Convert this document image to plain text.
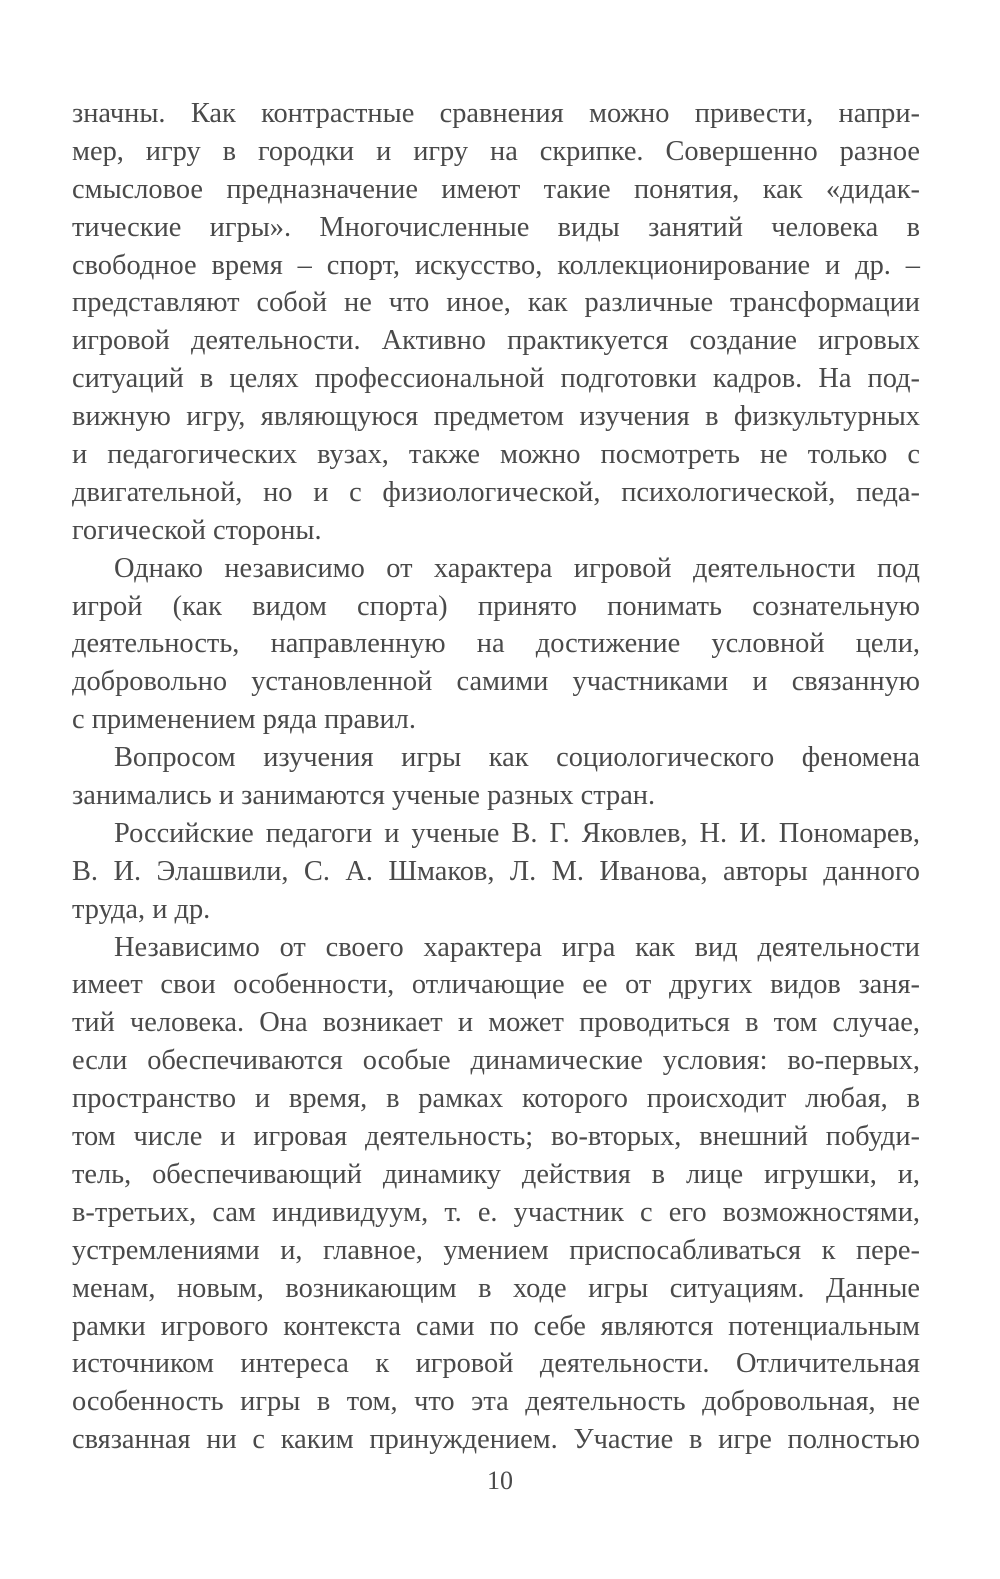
значны. Как контрастные сравнения можно привести, напри-
мер, игру в городки и игру на скрипке. Совершенно разное
смысловое предназначение имеют такие понятия, как «дидак-
тические игры». Многочисленные виды занятий человека в
свободное время – спорт, искусство, коллекционирование и др. –
представляют собой не что иное, как различные трансформации
игровой деятельности. Активно практикуется создание игровых
ситуаций в целях профессиональной подготовки кадров. На под-
вижную игру, являющуюся предметом изучения в физкультурных
и педагогических вузах, также можно посмотреть не только с
двигательной, но и с физиологической, психологической, педа-
гогической стороны.
Однако независимо от характера игровой деятельности под
игрой (как видом спорта) принято понимать сознательную
деятельность, направленную на достижение условной цели,
добровольно установленной самими участниками и связанную
с применением ряда правил.
Вопросом изучения игры как социологического феномена
занимались и занимаются ученые разных стран.
Российские педагоги и ученые В. Г. Яковлев, Н. И. Пономарев,
В. И. Элашвили, С. А. Шмаков, Л. М. Иванова, авторы данного
труда, и др.
Независимо от своего характера игра как вид деятельности
имеет свои особенности, отличающие ее от других видов заня-
тий человека. Она возникает и может проводиться в том случае,
если обеспечиваются особые динамические условия: во-первых,
пространство и время, в рамках которого происходит любая, в
том числе и игровая деятельность; во-вторых, внешний побуди-
тель, обеспечивающий динамику действия в лице игрушки, и,
в-третьих, сам индивидуум, т. е. участник с его возможностями,
устремлениями и, главное, умением приспосабливаться к пере-
менам, новым, возникающим в ходе игры ситуациям. Данные
рамки игрового контекста сами по себе являются потенциальным
источником интереса к игровой деятельности. Отличительная
особенность игры в том, что эта деятельность добровольная, не
связанная ни с каким принуждением. Участие в игре полностью
10
